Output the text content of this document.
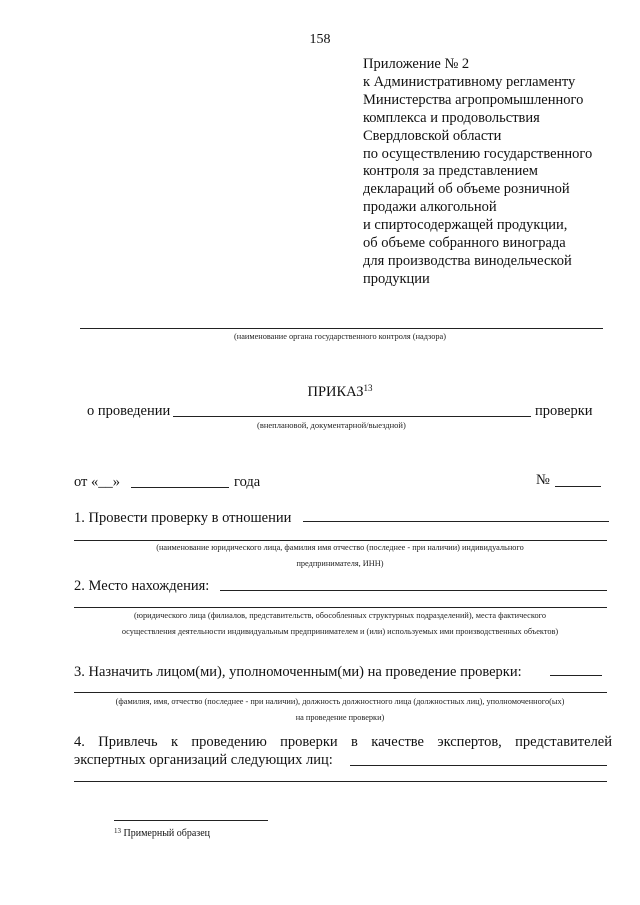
158
Приложение № 2
к Административному регламенту
Министерства агропромышленного
комплекса и продовольствия
Свердловской области
по осуществлению государственного
контроля за представлением
деклараций об объеме розничной
продажи алкогольной
и спиртосодержащей продукции,
об объеме собранного винограда
для производства винодельческой
продукции
(наименование органа государственного контроля (надзора)
ПРИКАЗ$^{13}$
о проведении	проверки
(внеплановой, документарной/выездной)
от «__»	года	№
1. Провести проверку в отношении
(наименование юридического лица, фамилия имя отчество (последнее - при наличии) индивидуального
предпринимателя, ИНН)
2. Место нахождения:
(юридического лица (филиалов, представительств, обособленных структурных подразделений), места фактического
осуществления деятельности индивидуальным предпринимателем и (или) используемых ими производственных объектов)
3. Назначить лицом(ми), уполномоченным(ми) на проведение проверки:
(фамилия, имя, отчество (последнее - при наличии), должность должностного лица (должностных лиц), уполномоченного(ых)
на проведение проверки)
4. Привлечь к проведению проверки в качестве экспертов, представителей
экспертных организаций следующих лиц:
$^{13}$ Примерный образец
